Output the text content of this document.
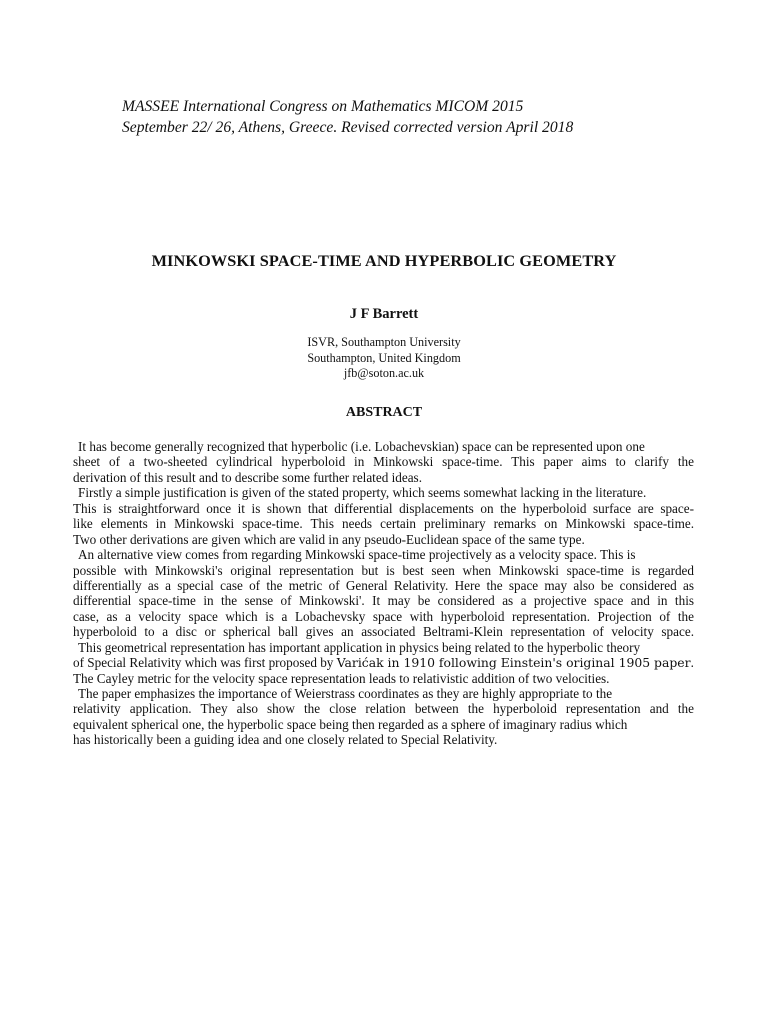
MASSEE International Congress on Mathematics MICOM 2015
September 22/ 26, Athens, Greece. Revised corrected version April 2018
MINKOWSKI SPACE-TIME AND HYPERBOLIC GEOMETRY
J F Barrett
ISVR, Southampton University
Southampton, United Kingdom
jfb@soton.ac.uk
ABSTRACT
It has become generally recognized that hyperbolic (i.e. Lobachevskian) space can be represented upon one
sheet of a two-sheeted cylindrical hyperboloid in Minkowski space-time. This paper aims to clarify the
derivation of this result and to describe some further related ideas.
Firstly a simple justification is given of the stated property, which seems somewhat lacking in the literature.
This is straightforward once it is shown that differential displacements on the hyperboloid surface are space-
like elements in Minkowski space-time. This needs certain preliminary remarks on Minkowski space-time.
Two other derivations are given which are valid in any pseudo-Euclidean space of the same type.
An alternative view comes from regarding Minkowski space-time projectively as a velocity space. This is
possible with Minkowski's original representation but is best seen when Minkowski space-time is regarded
differentially as a special case of the metric of General Relativity. Here the space may also be considered as
differential space-time in the sense of Minkowski'. It may be considered as a projective space and in this
case, as a velocity space which is a Lobachevsky space with hyperboloid representation. Projection of the
hyperboloid to a disc or spherical ball gives an associated Beltrami-Klein representation of velocity space.
This geometrical representation has important application in physics being related to the hyperbolic theory
of Special Relativity which was first proposed by Varićak in 1910 following Einstein's original 1905 paper.
The Cayley metric for the velocity space representation leads to relativistic addition of two velocities.
The paper emphasizes the importance of Weierstrass coordinates as they are highly appropriate to the
relativity application. They also show the close relation between the hyperboloid representation and the
equivalent spherical one, the hyperbolic space being then regarded as a sphere of imaginary radius which
has historically been a guiding idea and one closely related to Special Relativity.
